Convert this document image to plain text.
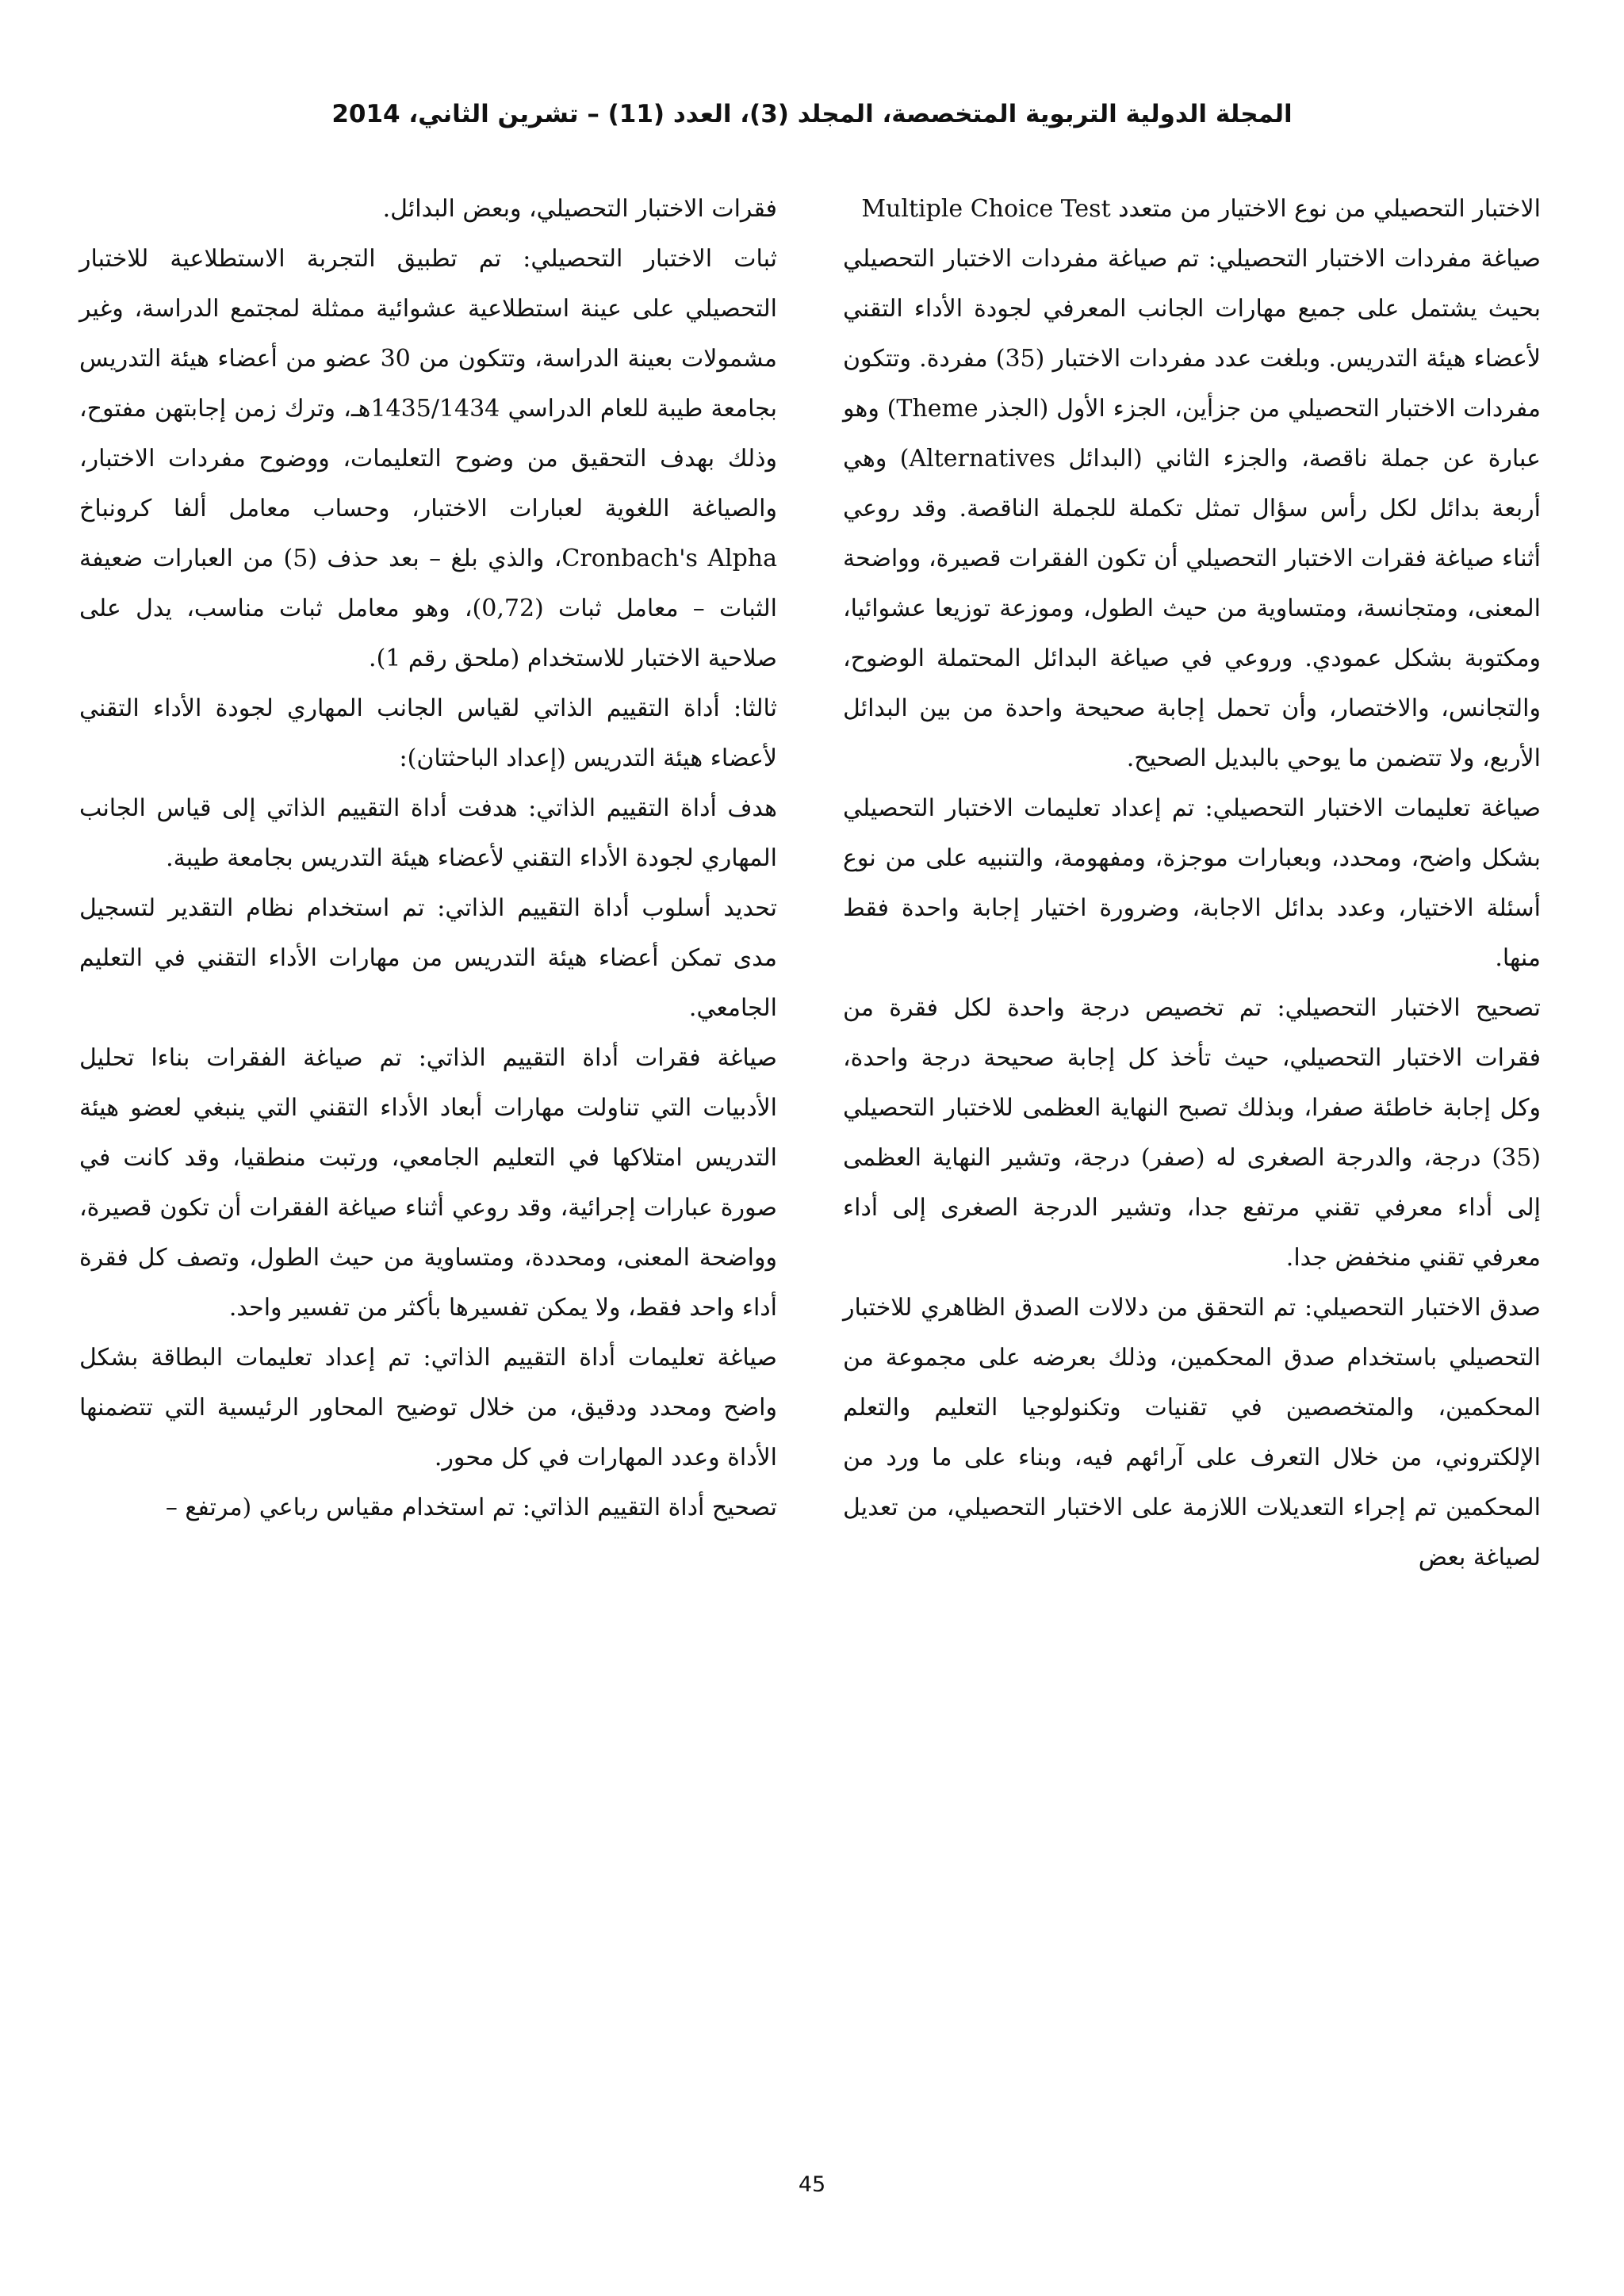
المجلة الدولية التربوية المتخصصة، المجلد (3)، العدد (11) – تشرين الثاني، 2014

الاختبار التحصيلي من نوع الاختيار من متعدد Multiple Choice Test

صياغة مفردات الاختبار التحصيلي: تم صياغة مفردات الاختبار التحصيلي بحيث يشتمل على جميع مهارات الجانب المعرفي لجودة الأداء التقني لأعضاء هيئة التدريس. وبلغت عدد مفردات الاختبار (35) مفردة. وتتكون مفردات الاختبار التحصيلي من جزأين، الجزء الأول (الجذر Theme) وهو عبارة عن جملة ناقصة، والجزء الثاني (البدائل Alternatives) وهي أربعة بدائل لكل رأس سؤال تمثل تكملة للجملة الناقصة. وقد روعي أثناء صياغة فقرات الاختبار التحصيلي أن تكون الفقرات قصيرة، وواضحة المعنى، ومتجانسة، ومتساوية من حيث الطول، وموزعة توزيعا عشوائيا، ومكتوبة بشكل عمودي. وروعي في صياغة البدائل المحتملة الوضوح، والتجانس، والاختصار، وأن تحمل إجابة صحيحة واحدة من بين البدائل الأربع، ولا تتضمن ما يوحي بالبديل الصحيح.

صياغة تعليمات الاختبار التحصيلي: تم إعداد تعليمات الاختبار التحصيلي بشكل واضح، ومحدد، وبعبارات موجزة، ومفهومة، والتنبيه على من نوع أسئلة الاختيار، وعدد بدائل الاجابة، وضرورة اختيار إجابة واحدة فقط منها.

تصحيح الاختبار التحصيلي: تم تخصيص درجة واحدة لكل فقرة من فقرات الاختبار التحصيلي، حيث تأخذ كل إجابة صحيحة درجة واحدة، وكل إجابة خاطئة صفرا، وبذلك تصبح النهاية العظمى للاختبار التحصيلي (35) درجة، والدرجة الصغرى له (صفر) درجة، وتشير النهاية العظمى إلى أداء معرفي تقني مرتفع جدا، وتشير الدرجة الصغرى إلى أداء معرفي تقني منخفض جدا.

صدق الاختبار التحصيلي: تم التحقق من دلالات الصدق الظاهري للاختبار التحصيلي باستخدام صدق المحكمين، وذلك بعرضه على مجموعة من المحكمين، والمتخصصين في تقنيات وتكنولوجيا التعليم والتعلم الإلكتروني، من خلال التعرف على آرائهم فيه، وبناء على ما ورد من المحكمين تم إجراء التعديلات اللازمة على الاختبار التحصيلي، من تعديل لصياغة بعض

فقرات الاختبار التحصيلي، وبعض البدائل.

ثبات الاختبار التحصيلي: تم تطبيق التجربة الاستطلاعية للاختبار التحصيلي على عينة استطلاعية عشوائية ممثلة لمجتمع الدراسة، وغير مشمولات بعينة الدراسة، وتتكون من 30 عضو من أعضاء هيئة التدريس بجامعة طيبة للعام الدراسي 1435/1434هـ، وترك زمن إجابتهن مفتوح، وذلك بهدف التحقيق من وضوح التعليمات، ووضوح مفردات الاختبار، والصياغة اللغوية لعبارات الاختبار، وحساب معامل ألفا كرونباخ Cronbach's Alpha، والذي بلغ – بعد حذف (5) من العبارات ضعيفة الثبات – معامل ثبات (0,72)، وهو معامل ثبات مناسب، يدل على صلاحية الاختبار للاستخدام (ملحق رقم 1).

ثالثا: أداة التقييم الذاتي لقياس الجانب المهاري لجودة الأداء التقني لأعضاء هيئة التدريس (إعداد الباحثتان):

هدف أداة التقييم الذاتي: هدفت أداة التقييم الذاتي إلى قياس الجانب المهاري لجودة الأداء التقني لأعضاء هيئة التدريس بجامعة طيبة.

تحديد أسلوب أداة التقييم الذاتي: تم استخدام نظام التقدير لتسجيل مدى تمكن أعضاء هيئة التدريس من مهارات الأداء التقني في التعليم الجامعي.

صياغة فقرات أداة التقييم الذاتي: تم صياغة الفقرات بناءا تحليل الأدبيات التي تناولت مهارات أبعاد الأداء التقني التي ينبغي لعضو هيئة التدريس امتلاكها في التعليم الجامعي، ورتبت منطقيا، وقد كانت في صورة عبارات إجرائية، وقد روعي أثناء صياغة الفقرات أن تكون قصيرة، وواضحة المعنى، ومحددة، ومتساوية من حيث الطول، وتصف كل فقرة أداء واحد فقط، ولا يمكن تفسيرها بأكثر من تفسير واحد.

صياغة تعليمات أداة التقييم الذاتي: تم إعداد تعليمات البطاقة بشكل واضح ومحدد ودقيق، من خلال توضيح المحاور الرئيسية التي تتضمنها الأداة وعدد المهارات في كل محور.

تصحيح أداة التقييم الذاتي: تم استخدام مقياس رباعي (مرتفع –

45
